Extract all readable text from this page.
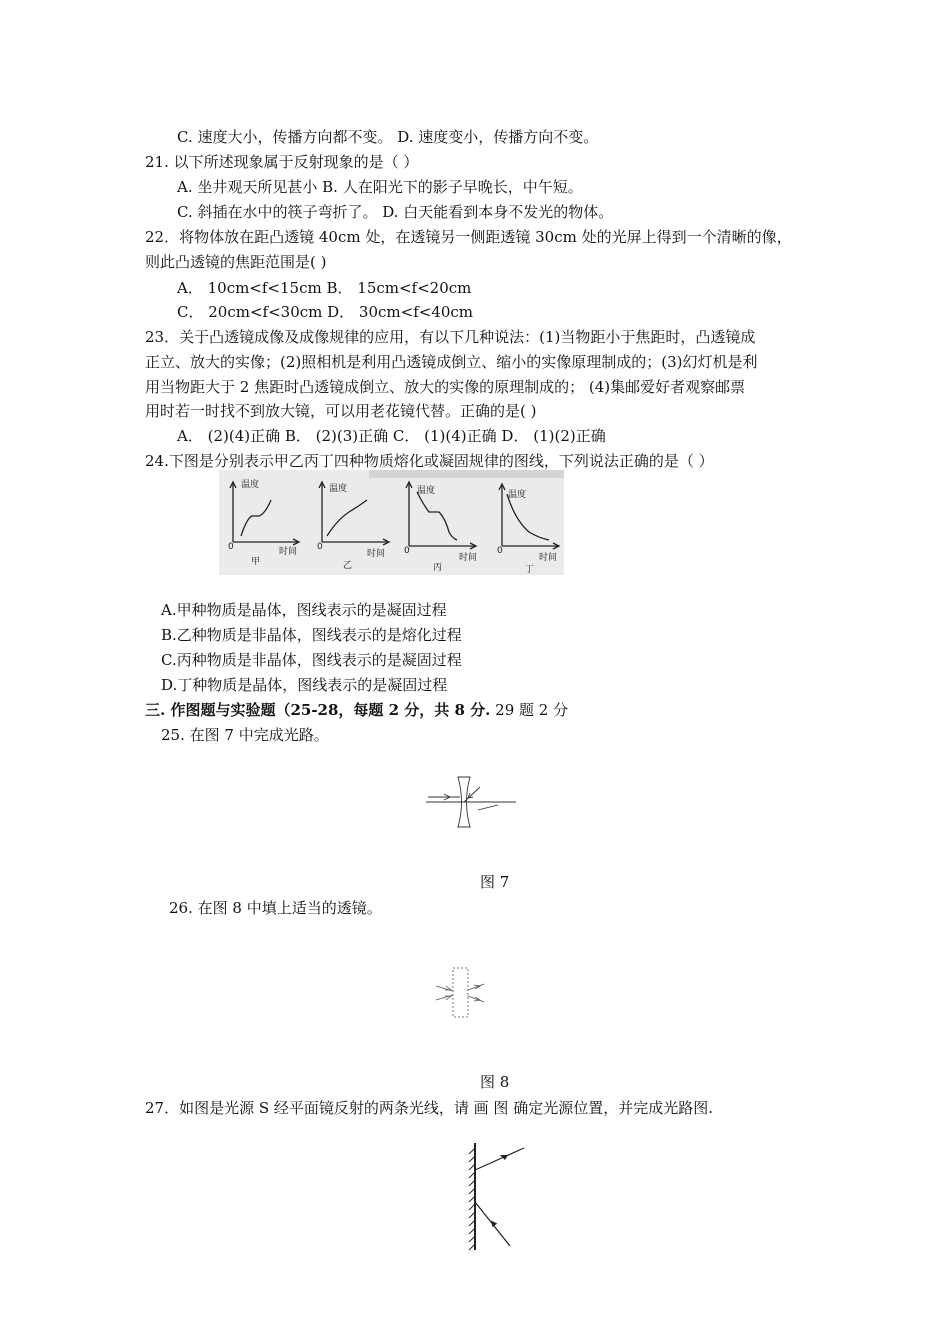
C. 速度大小，传播方向都不变。 D. 速度变小，传播方向不变。
21. 以下所述现象属于反射现象的是（ ）
A. 坐井观天所见甚小 B. 人在阳光下的影子早晚长，中午短。
C. 斜插在水中的筷子弯折了。 D. 白天能看到本身不发光的物体。
22．将物体放在距凸透镜 40cm 处，在透镜另一侧距透镜 30cm 处的光屏上得到一个清晰的像，
则此凸透镜的焦距范围是( )
A． 10cm<f<15cm B． 15cm<f<20cm
C． 20cm<f<30cm D． 30cm<f<40cm
23．关于凸透镜成像及成像规律的应用，有以下几种说法：(1)当物距小于焦距时，凸透镜成
正立、放大的实像；(2)照相机是利用凸透镜成倒立、缩小的实像原理制成的；(3)幻灯机是利
用当物距大于 2 焦距时凸透镜成倒立、放大的实像的原理制成的； (4)集邮爱好者观察邮票
用时若一时找不到放大镜，可以用老花镜代替。正确的是( )
A． (2)(4)正确 B． (2)(3)正确 C． (1)(4)正确 D． (1)(2)正确
24.下图是分别表示甲乙丙丁四种物质熔化或凝固规律的图线，下列说法正确的是（ ）
温度
0	时间
甲
温度
0
时间
乙
温度
0
时间
丙
温度
0
时间
丁
A.甲种物质是晶体，图线表示的是凝固过程
B.乙种物质是非晶体，图线表示的是熔化过程
C.丙种物质是非晶体，图线表示的是凝固过程
D.丁种物质是晶体，图线表示的是凝固过程
三. 作图题与实验题（25-28，每题 2 分，共 8 分. 29 题 2 分
25. 在图 7 中完成光路。
图 7
26. 在图 8 中填上适当的透镜。
图 8
27．如图是光源 S 经平面镜反射的两条光线，请 画 图 确定光源位置，并完成光路图.
